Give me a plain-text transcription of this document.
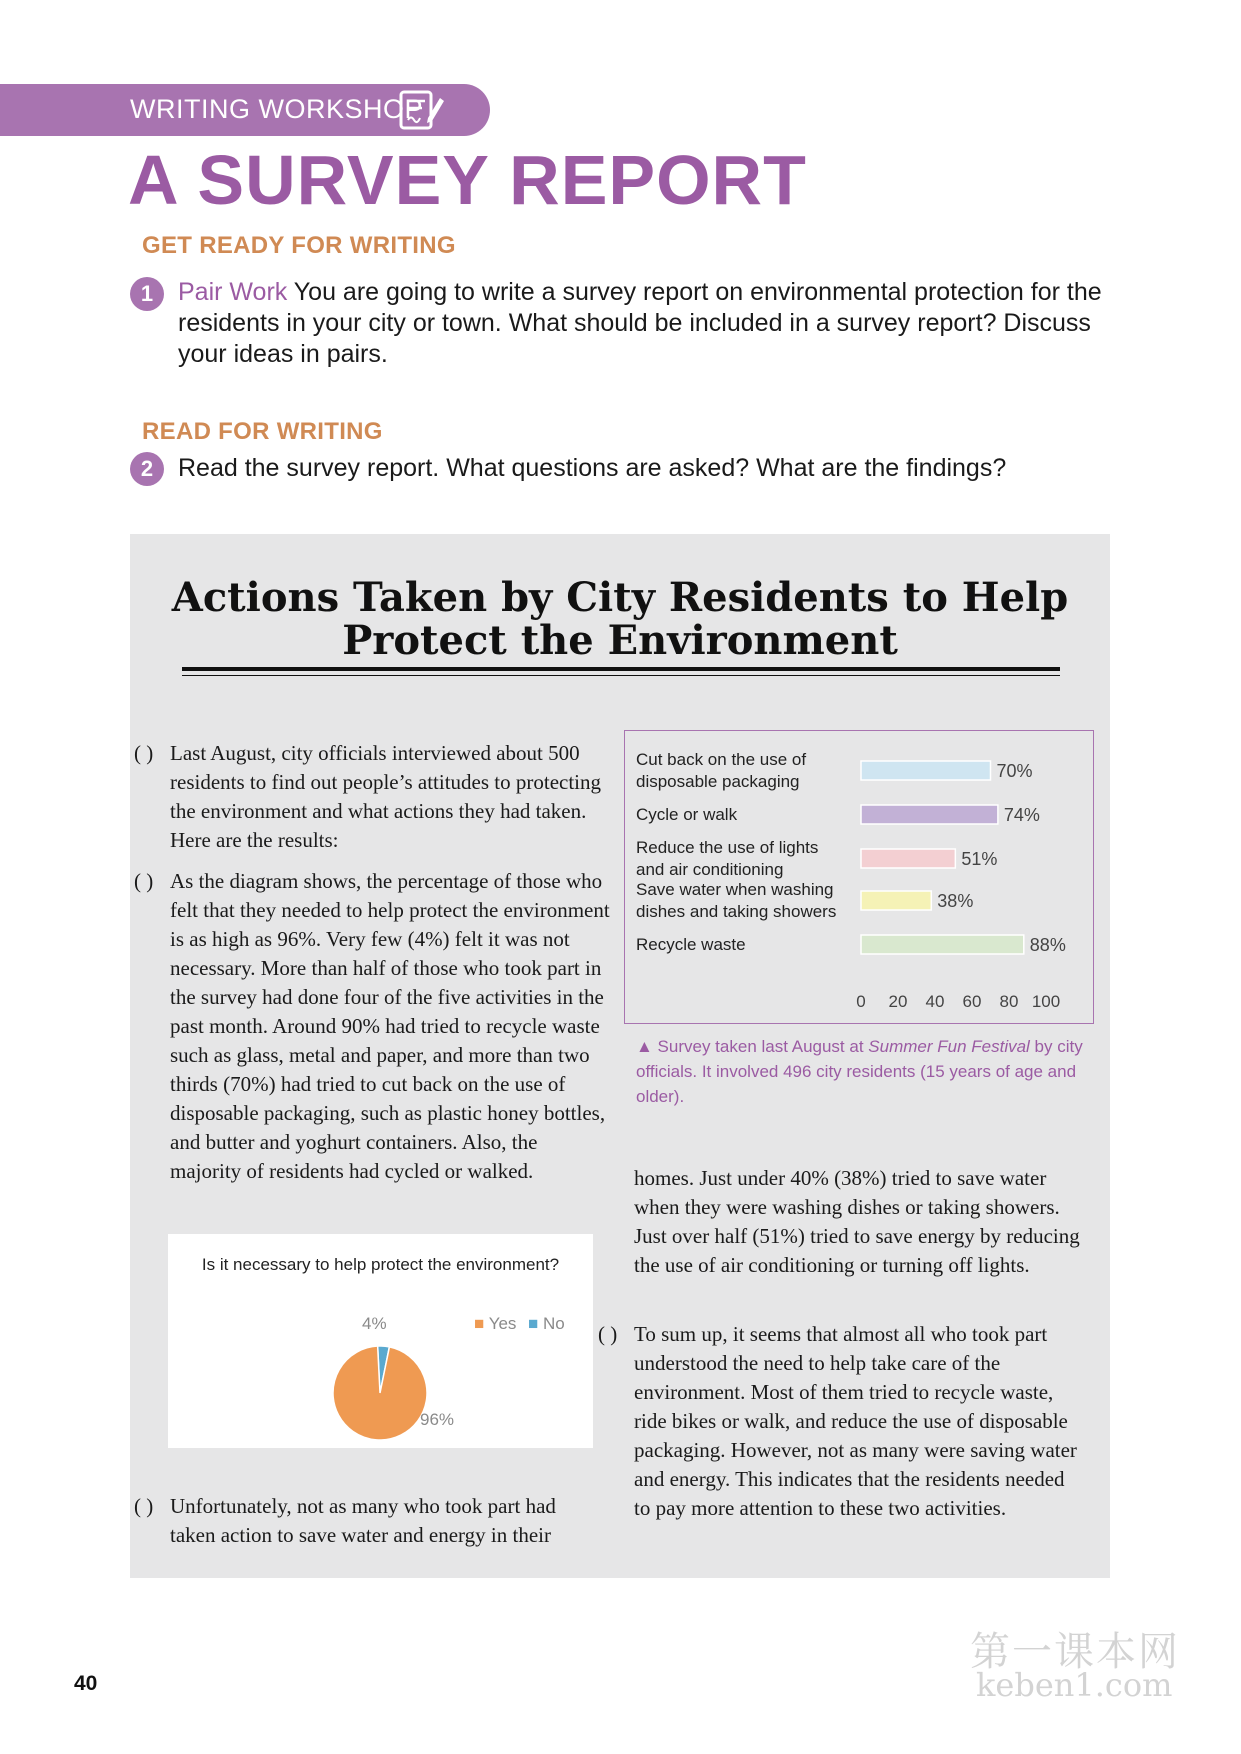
WRITING WORKSHOP
A SURVEY REPORT
GET READY FOR WRITING
1 Pair Work You are going to write a survey report on environmental protection for the residents in your city or town. What should be included in a survey report? Discuss your ideas in pairs.
READ FOR WRITING
2 Read the survey report. What questions are asked? What are the findings?
Actions Taken by City Residents to Help
Protect the Environment
( ) Last August, city officials interviewed about 500 residents to find out people’s attitudes to protecting the environment and what actions they had taken. Here are the results:
( ) As the diagram shows, the percentage of those who felt that they needed to help protect the environment is as high as 96%. Very few (4%) felt it was not necessary. More than half of those who took part in the survey had done four of the five activities in the past month. Around 90% had tried to recycle waste such as glass, metal and paper, and more than two thirds (70%) had tried to cut back on the use of disposable packaging, such as plastic honey bottles, and butter and yoghurt containers. Also, the majority of residents had cycled or walked.
Is it necessary to help protect the environment?
4%
96%
■ Yes ■ No
( ) Unfortunately, not as many who took part had taken action to save water and energy in their
Cut back on the use of
disposable packaging
70%
Cycle or walk	74%
Reduce the use of lights
and air conditioning
51%
Save water when washing
dishes and taking showers
38%
Recycle waste	88%
0 20 40 60 80 100
▲ Survey taken last August at Summer Fun Festival by city officials. It involved 496 city residents (15 years of age and older).
homes. Just under 40% (38%) tried to save water when they were washing dishes or taking showers. Just over half (51%) tried to save energy by reducing the use of air conditioning or turning off lights.
( ) To sum up, it seems that almost all who took part understood the need to help take care of the environment. Most of them tried to recycle waste, ride bikes or walk, and reduce the use of disposable packaging. However, not as many were saving water and energy. This indicates that the residents needed to pay more attention to these two activities.
40
第一课本网
keben1.com
